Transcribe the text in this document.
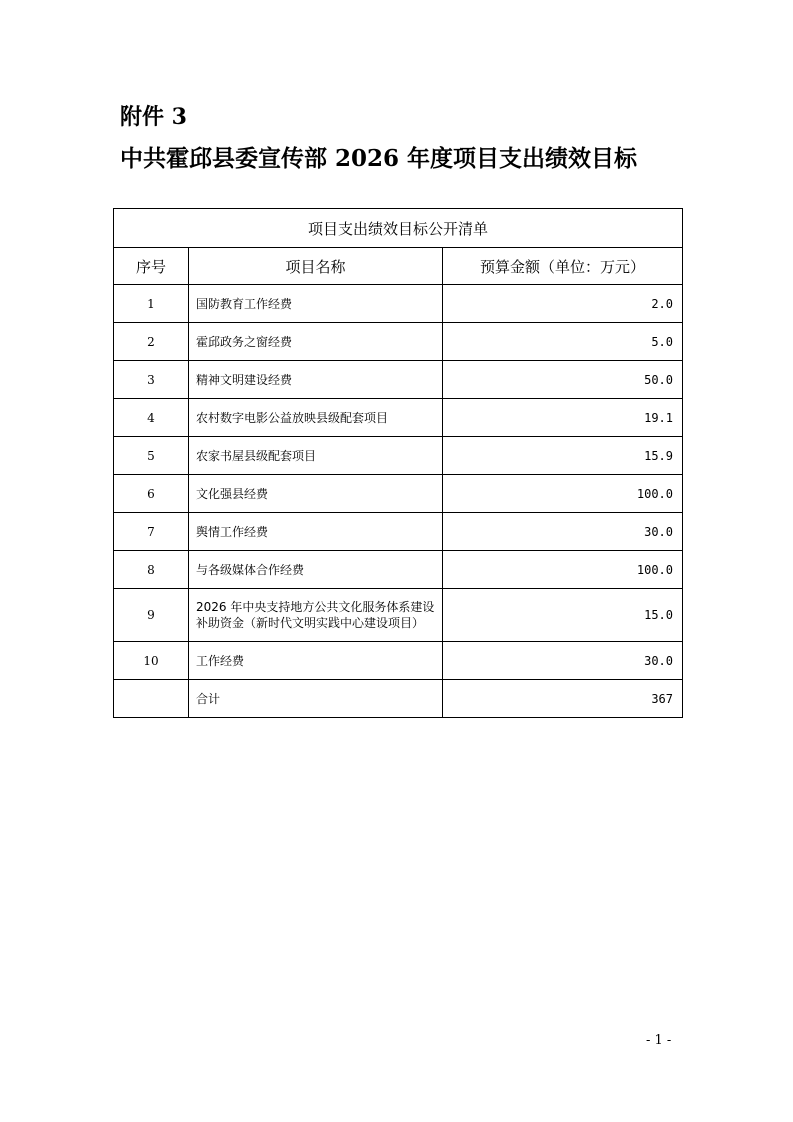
附件 3
中共霍邱县委宣传部 2026 年度项目支出绩效目标
项目支出绩效目标公开清单		
序号	项目名称	预算金额（单位：万元）
1	国防教育工作经费	2.0
2	霍邱政务之窗经费	5.0
3	精神文明建设经费	50.0
4	农村数字电影公益放映县级配套项目	19.1
5	农家书屋县级配套项目	15.9
6	文化强县经费	100.0
7	舆情工作经费	30.0
8	与各级媒体合作经费	100.0
9	2026 年中央支持地方公共文化服务体系建设补助资金（新时代文明实践中心建设项目）	15.0
10	工作经费	30.0
	合计	367
- 1 -
